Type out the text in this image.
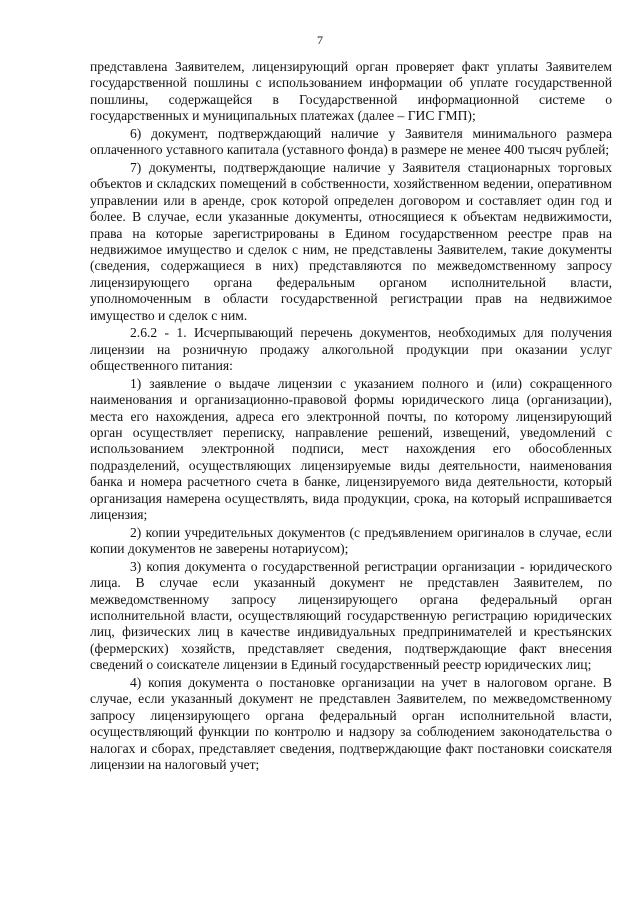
7

представлена Заявителем, лицензирующий орган проверяет факт уплаты Заявителем государственной пошлины с использованием информации об уплате государственной пошлины, содержащейся в Государственной информационной системе о государственных и муниципальных платежах (далее – ГИС ГМП);

6) документ, подтверждающий наличие у Заявителя минимального размера оплаченного уставного капитала (уставного фонда) в размере не менее 400 тысяч рублей;

7) документы, подтверждающие наличие у Заявителя стационарных торговых объектов и складских помещений в собственности, хозяйственном ведении, оперативном управлении или в аренде, срок которой определен договором и составляет один год и более. В случае, если указанные документы, относящиеся к объектам недвижимости, права на которые зарегистрированы в Едином государственном реестре прав на недвижимое имущество и сделок с ним, не представлены Заявителем, такие документы (сведения, содержащиеся в них) представляются по межведомственному запросу лицензирующего органа федеральным органом исполнительной власти, уполномоченным в области государственной регистрации прав на недвижимое имущество и сделок с ним.

2.6.2 - 1. Исчерпывающий перечень документов, необходимых для получения лицензии на розничную продажу алкогольной продукции при оказании услуг общественного питания:

1) заявление о выдаче лицензии с указанием полного и (или) сокращенного наименования и организационно-правовой формы юридического лица (организации), места его нахождения, адреса его электронной почты, по которому лицензирующий орган осуществляет переписку, направление решений, извещений, уведомлений с использованием электронной подписи, мест нахождения его обособленных подразделений, осуществляющих лицензируемые виды деятельности, наименования банка и номера расчетного счета в банке, лицензируемого вида деятельности, который организация намерена осуществлять, вида продукции, срока, на который испрашивается лицензия;

2) копии учредительных документов (с предъявлением оригиналов в случае, если копии документов не заверены нотариусом);

3) копия документа о государственной регистрации организации - юридического лица. В случае если указанный документ не представлен Заявителем, по межведомственному запросу лицензирующего органа федеральный орган исполнительной власти, осуществляющий государственную регистрацию юридических лиц, физических лиц в качестве индивидуальных предпринимателей и крестьянских (фермерских) хозяйств, представляет сведения, подтверждающие факт внесения сведений о соискателе лицензии в Единый государственный реестр юридических лиц;

4) копия документа о постановке организации на учет в налоговом органе. В случае, если указанный документ не представлен Заявителем, по межведомственному запросу лицензирующего органа федеральный орган исполнительной власти, осуществляющий функции по контролю и надзору за соблюдением законодательства о налогах и сборах, представляет сведения, подтверждающие факт постановки соискателя лицензии на налоговый учет;
